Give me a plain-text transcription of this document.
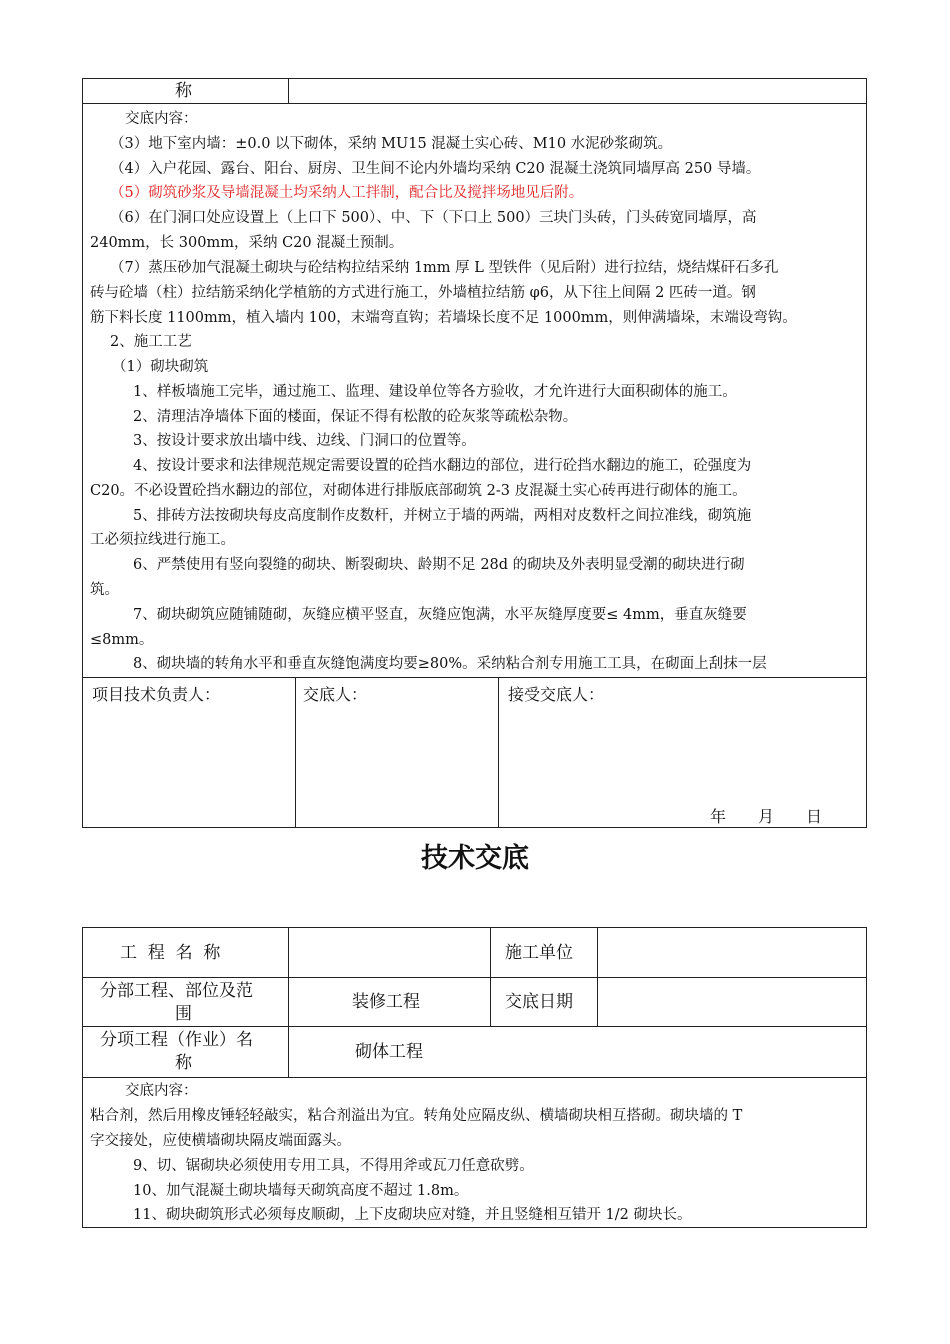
称
交底内容：
（3）地下室内墙：±0.0 以下砌体，采纳 MU15 混凝土实心砖、M10 水泥砂浆砌筑。
（4）入户花园、露台、阳台、厨房、卫生间不论内外墙均采纳 C20 混凝土浇筑同墙厚高 250 导墙。
（5）砌筑砂浆及导墙混凝土均采纳人工拌制，配合比及搅拌场地见后附。
（6）在门洞口处应设置上（上口下 500）、中、下（下口上 500）三块门头砖，门头砖宽同墙厚，高
240mm，长 300mm，采纳 C20 混凝土预制。
（7）蒸压砂加气混凝土砌块与砼结构拉结采纳 1mm 厚 L 型铁件（见后附）进行拉结，烧结煤矸石多孔
砖与砼墙（柱）拉结筋采纳化学植筋的方式进行施工，外墙植拉结筋 φ6，从下往上间隔 2 匹砖一道。钢
筋下料长度 1100mm，植入墙内 100，末端弯直钩；若墙垛长度不足 1000mm，则伸满墙垛，末端设弯钩。
2、施工工艺
（1）砌块砌筑
1、样板墙施工完毕，通过施工、监理、建设单位等各方验收，才允许进行大面积砌体的施工。
2、清理洁净墙体下面的楼面，保证不得有松散的砼灰浆等疏松杂物。
3、按设计要求放出墙中线、边线、门洞口的位置等。
4、按设计要求和法律规范规定需要设置的砼挡水翻边的部位，进行砼挡水翻边的施工，砼强度为
C20。不必设置砼挡水翻边的部位，对砌体进行排版底部砌筑 2-3 皮混凝土实心砖再进行砌体的施工。
5、排砖方法按砌块每皮高度制作皮数杆，并树立于墙的两端，两相对皮数杆之间拉准线，砌筑施
工必须拉线进行施工。
6、严禁使用有竖向裂缝的砌块、断裂砌块、龄期不足 28d 的砌块及外表明显受潮的砌块进行砌
筑。
7、砌块砌筑应随铺随砌，灰缝应横平竖直，灰缝应饱满，水平灰缝厚度要≤ 4mm，垂直灰缝要
≤8mm。
8、砌块墙的转角水平和垂直灰缝饱满度均要≥80%。采纳粘合剂专用施工工具，在砌面上刮抹一层
项目技术负责人：	交底人：	接受交底人：
年 月 日
技术交底
工  程  名  称	施工单位
分部工程、部位及范
围
装修工程	交底日期
分项工程（作业）名
称
砌体工程
交底内容：
粘合剂，然后用橡皮锤轻轻敲实，粘合剂溢出为宜。转角处应隔皮纵、横墙砌块相互搭砌。砌块墙的 T
字交接处，应使横墙砌块隔皮端面露头。
9、切、锯砌块必须使用专用工具，不得用斧或瓦刀任意砍劈。
10、加气混凝土砌块墙每天砌筑高度不超过 1.8m。
11、砌块砌筑形式必须每皮顺砌，上下皮砌块应对缝，并且竖缝相互错开 1/2 砌块长。
